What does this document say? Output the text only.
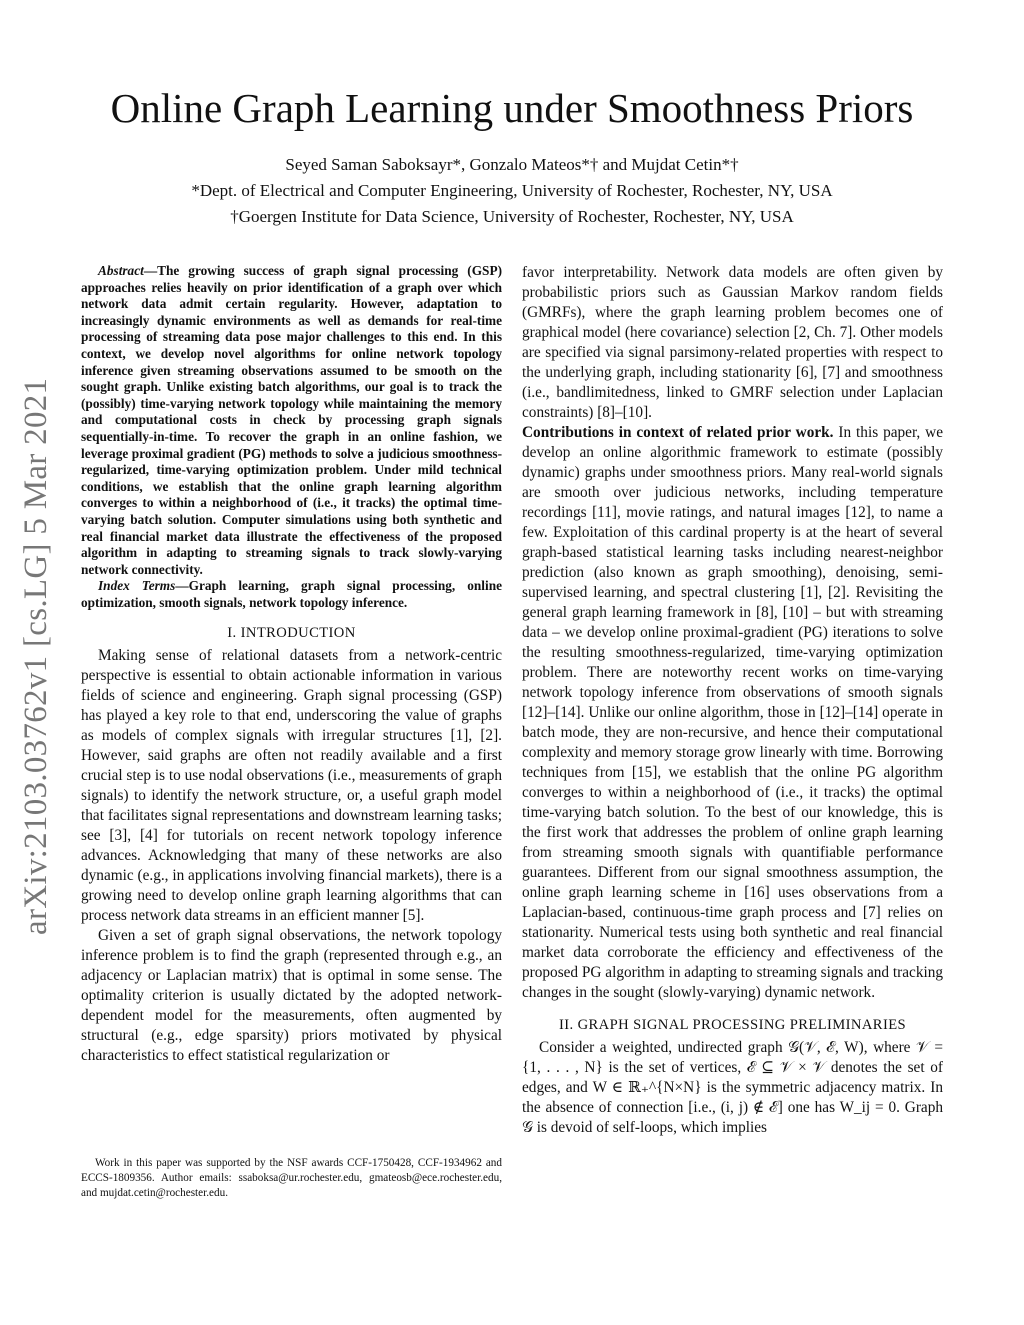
arXiv:2103.03762v1 [cs.LG] 5 Mar 2021
Online Graph Learning under Smoothness Priors
Seyed Saman Saboksayr*, Gonzalo Mateos*† and Mujdat Cetin*†
*Dept. of Electrical and Computer Engineering, University of Rochester, Rochester, NY, USA
†Goergen Institute for Data Science, University of Rochester, Rochester, NY, USA

Abstract—The growing success of graph signal processing (GSP) approaches relies heavily on prior identification of a graph over which network data admit certain regularity. However, adaptation to increasingly dynamic environments as well as demands for real-time processing of streaming data pose major challenges to this end. In this context, we develop novel algorithms for online network topology inference given streaming observations assumed to be smooth on the sought graph. Unlike existing batch algorithms, our goal is to track the (possibly) time-varying network topology while maintaining the memory and computational costs in check by processing graph signals sequentially-in-time. To recover the graph in an online fashion, we leverage proximal gradient (PG) methods to solve a judicious smoothness-regularized, time-varying optimization problem. Under mild technical conditions, we establish that the online graph learning algorithm converges to within a neighborhood of (i.e., it tracks) the optimal time-varying batch solution. Computer simulations using both synthetic and real financial market data illustrate the effectiveness of the proposed algorithm in adapting to streaming signals to track slowly-varying network connectivity.

Index Terms—Graph learning, graph signal processing, online optimization, smooth signals, network topology inference.

I. INTRODUCTION

Making sense of relational datasets from a network-centric perspective is essential to obtain actionable information in various fields of science and engineering. Graph signal processing (GSP) has played a key role to that end, underscoring the value of graphs as models of complex signals with irregular structures [1], [2]. However, said graphs are often not readily available and a first crucial step is to use nodal observations (i.e., measurements of graph signals) to identify the network structure, or, a useful graph model that facilitates signal representations and downstream learning tasks; see [3], [4] for tutorials on recent network topology inference advances. Acknowledging that many of these networks are also dynamic (e.g., in applications involving financial markets), there is a growing need to develop online graph learning algorithms that can process network data streams in an efficient manner [5].

Given a set of graph signal observations, the network topology inference problem is to find the graph (represented through e.g., an adjacency or Laplacian matrix) that is optimal in some sense. The optimality criterion is usually dictated by the adopted network-dependent model for the measurements, often augmented by structural (e.g., edge sparsity) priors motivated by physical characteristics to effect statistical regularization or

Work in this paper was supported by the NSF awards CCF-1750428, CCF-1934962 and ECCS-1809356. Author emails: ssaboksa@ur.rochester.edu, gmateosb@ece.rochester.edu, and mujdat.cetin@rochester.edu.

favor interpretability. Network data models are often given by probabilistic priors such as Gaussian Markov random fields (GMRFs), where the graph learning problem becomes one of graphical model (here covariance) selection [2, Ch. 7]. Other models are specified via signal parsimony-related properties with respect to the underlying graph, including stationarity [6], [7] and smoothness (i.e., bandlimitedness, linked to GMRF selection under Laplacian constraints) [8]–[10].

Contributions in context of related prior work. In this paper, we develop an online algorithmic framework to estimate (possibly dynamic) graphs under smoothness priors. Many real-world signals are smooth over judicious networks, including temperature recordings [11], movie ratings, and natural images [12], to name a few. Exploitation of this cardinal property is at the heart of several graph-based statistical learning tasks including nearest-neighbor prediction (also known as graph smoothing), denoising, semi-supervised learning, and spectral clustering [1], [2]. Revisiting the general graph learning framework in [8], [10] – but with streaming data – we develop online proximal-gradient (PG) iterations to solve the resulting smoothness-regularized, time-varying optimization problem. There are noteworthy recent works on time-varying network topology inference from observations of smooth signals [12]–[14]. Unlike our online algorithm, those in [12]–[14] operate in batch mode, they are non-recursive, and hence their computational complexity and memory storage grow linearly with time. Borrowing techniques from [15], we establish that the online PG algorithm converges to within a neighborhood of (i.e., it tracks) the optimal time-varying batch solution. To the best of our knowledge, this is the first work that addresses the problem of online graph learning from streaming smooth signals with quantifiable performance guarantees. Different from our signal smoothness assumption, the online graph learning scheme in [16] uses observations from a Laplacian-based, continuous-time graph process and [7] relies on stationarity. Numerical tests using both synthetic and real financial market data corroborate the efficiency and effectiveness of the proposed PG algorithm in adapting to streaming signals and tracking changes in the sought (slowly-varying) dynamic network.

II. GRAPH SIGNAL PROCESSING PRELIMINARIES

Consider a weighted, undirected graph 𝒢(𝒱, ℰ, W), where 𝒱 = {1, . . . , N} is the set of vertices, ℰ ⊆ 𝒱 × 𝒱 denotes the set of edges, and W ∈ ℝ₊^{N×N} is the symmetric adjacency matrix. In the absence of connection [i.e., (i, j) ∉ ℰ] one has W_ij = 0. Graph 𝒢 is devoid of self-loops, which implies
